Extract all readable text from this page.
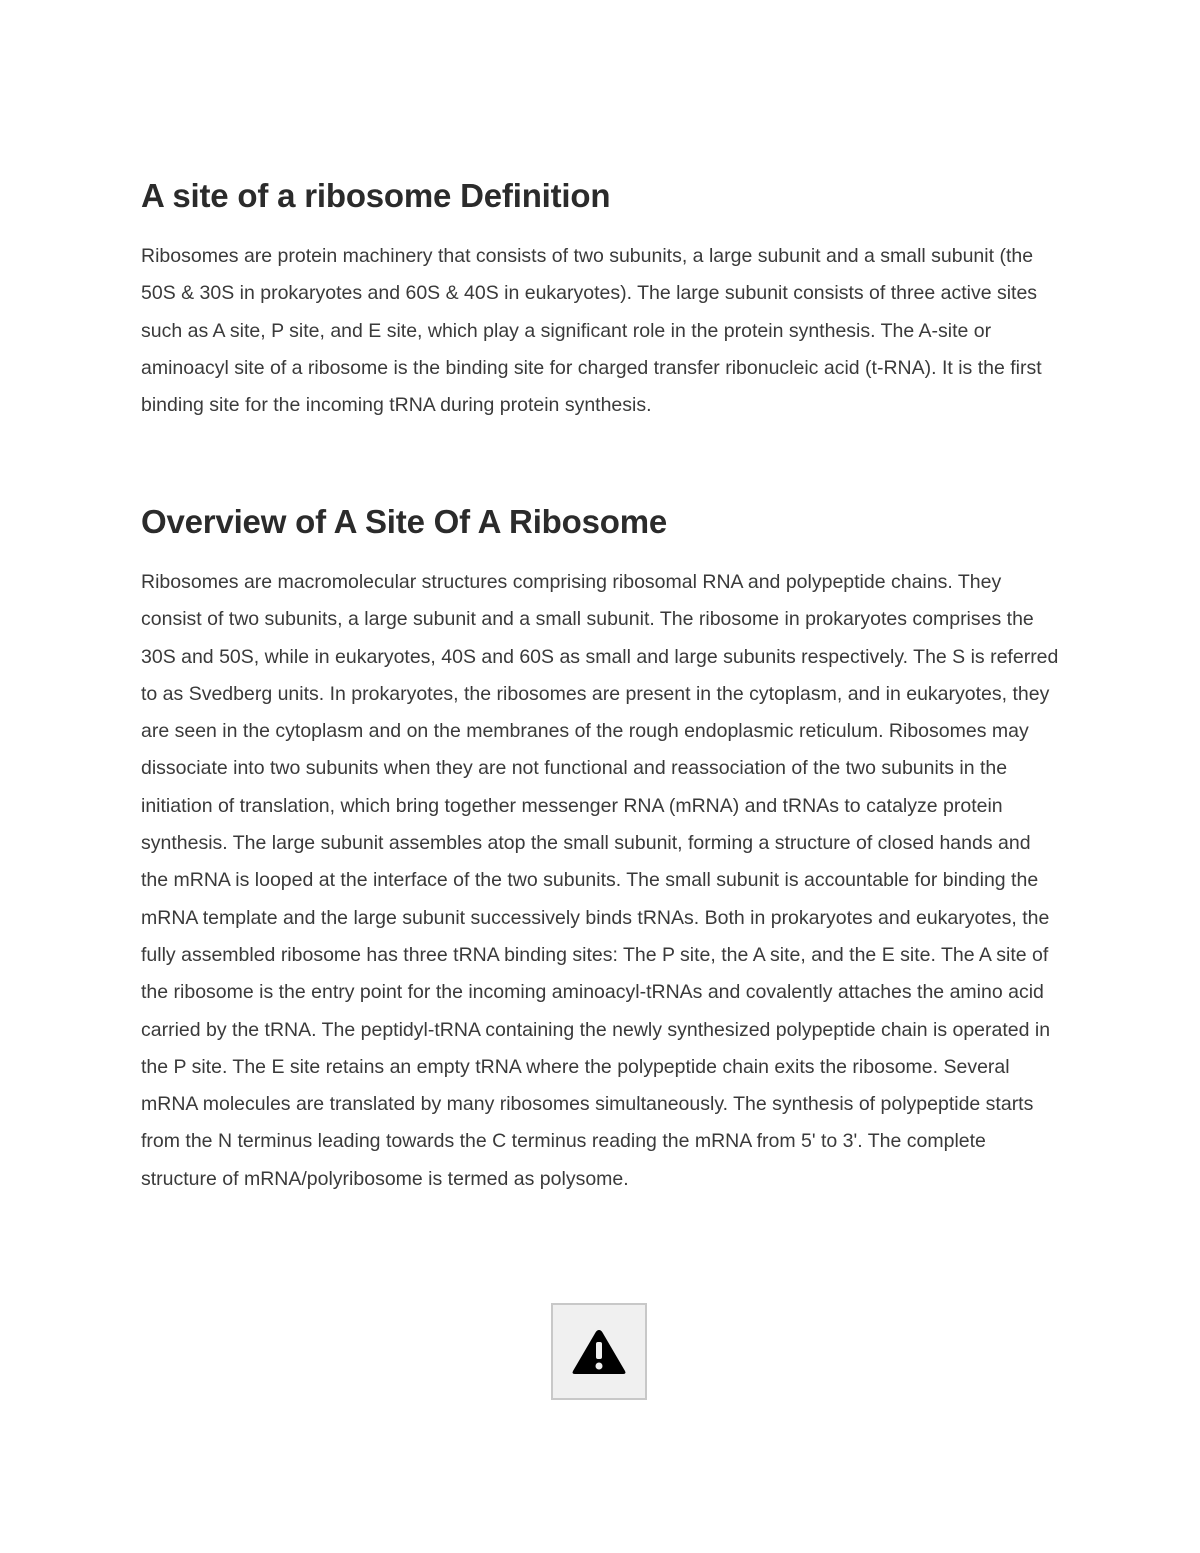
A site of a ribosome Definition

Ribosomes are protein machinery that consists of two subunits, a large subunit and a small subunit (the 50S & 30S in prokaryotes and 60S & 40S in eukaryotes). The large subunit consists of three active sites such as A site, P site, and E site, which play a significant role in the protein synthesis. The A-site or aminoacyl site of a ribosome is the binding site for charged transfer ribonucleic acid (t-RNA). It is the first binding site for the incoming tRNA during protein synthesis.

Overview of A Site Of A Ribosome

Ribosomes are macromolecular structures comprising ribosomal RNA and polypeptide chains. They consist of two subunits, a large subunit and a small subunit. The ribosome in prokaryotes comprises the 30S and 50S, while in eukaryotes, 40S and 60S as small and large subunits respectively. The S is referred to as Svedberg units. In prokaryotes, the ribosomes are present in the cytoplasm, and in eukaryotes, they are seen in the cytoplasm and on the membranes of the rough endoplasmic reticulum. Ribosomes may dissociate into two subunits when they are not functional and reassociation of the two subunits in the initiation of translation, which bring together messenger RNA (mRNA) and tRNAs to catalyze protein synthesis. The large subunit assembles atop the small subunit, forming a structure of closed hands and the mRNA is looped at the interface of the two subunits. The small subunit is accountable for binding the mRNA template and the large subunit successively binds tRNAs. Both in prokaryotes and eukaryotes, the fully assembled ribosome has three tRNA binding sites: The P site, the A site, and the E site. The A site of the ribosome is the entry point for the incoming aminoacyl-tRNAs and covalently attaches the amino acid carried by the tRNA. The peptidyl-tRNA containing the newly synthesized polypeptide chain is operated in the P site. The E site retains an empty tRNA where the polypeptide chain exits the ribosome. Several mRNA molecules are translated by many ribosomes simultaneously. The synthesis of polypeptide starts from the N terminus leading towards the C terminus reading the mRNA from 5' to 3'. The complete structure of mRNA/polyribosome is termed as polysome.
